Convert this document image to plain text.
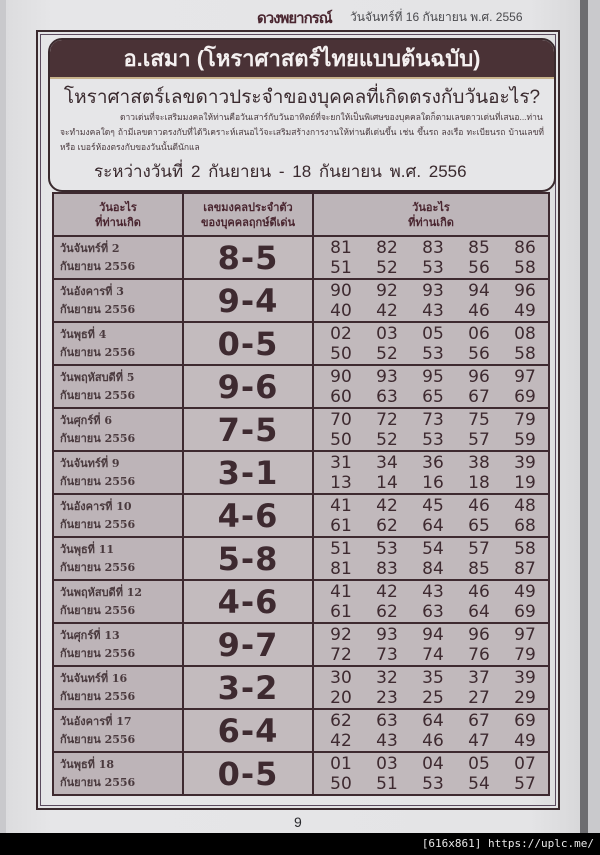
ดวงพยากรณ์ วันจันทร์ที่ 16 กันยายน พ.ศ. 2556
อ.เสมา (โหราศาสตร์ไทยแบบต้นฉบับ)
โหราศาสตร์เลขดาวประจำของบุคคลที่เกิดตรงกับวันอะไร?
ดาวเด่นที่จะเสริมมงคลให้ท่านคือวันเสาร์กับวันอาทิตย์ที่จะยกให้เป็นพิเศษของบุคคลใดก็ตามเลขดาวเด่นที่เสนอ...ท่านจะทำมงคลใดๆ ถ้ามีเลขดาวตรงกับที่ได้วิเคราะห์เสนอไว้จะเสริมสร้างการงานให้ท่านดีเด่นขึ้น เช่น ขึ้นรถ ลงเรือ ทะเบียนรถ บ้านเลขที่ หรือ เบอร์ห้องตรงกับของวันนั้นดีนักแล
ระหว่างวันที่ 2 กันยายน - 18 กันยายน พ.ศ. 2556
วันอะไร
ที่ท่านเกิด

เลขมงคลประจำตัว
ของบุคคลฤกษ์ดีเด่น

วันอะไร
ที่ท่านเกิด

วันจันทร์ที่ 2
กันยายน 2556	8-5	81 82 83 85 86
51 52 53 56 58

วันอังคารที่ 3
กันยายน 2556	9-4	90 92 93 94 96
40 42 43 46 49

วันพุธที่ 4
กันยายน 2556	0-5	02 03 05 06 08
50 52 53 56 58

วันพฤหัสบดีที่ 5
กันยายน 2556	9-6	90 93 95 96 97
60 63 65 67 69

วันศุกร์ที่ 6
กันยายน 2556	7-5	70 72 73 75 79
50 52 53 57 59

วันจันทร์ที่ 9
กันยายน 2556	3-1	31 34 36 38 39
13 14 16 18 19

วันอังคารที่ 10
กันยายน 2556	4-6	41 42 45 46 48
61 62 64 65 68

วันพุธที่ 11
กันยายน 2556	5-8	51 53 54 57 58
81 83 84 85 87

วันพฤหัสบดีที่ 12
กันยายน 2556	4-6	41 42 43 46 49
61 62 63 64 69

วันศุกร์ที่ 13
กันยายน 2556	9-7	92 93 94 96 97
72 73 74 76 79

วันจันทร์ที่ 16
กันยายน 2556	3-2	30 32 35 37 39
20 23 25 27 29

วันอังคารที่ 17
กันยายน 2556	6-4	62 63 64 67 69
42 43 46 47 49

วันพุธที่ 18
กันยายน 2556	0-5	01 03 04 05 07
50 51 53 54 57
9
[616x861] https://uplc.me/
